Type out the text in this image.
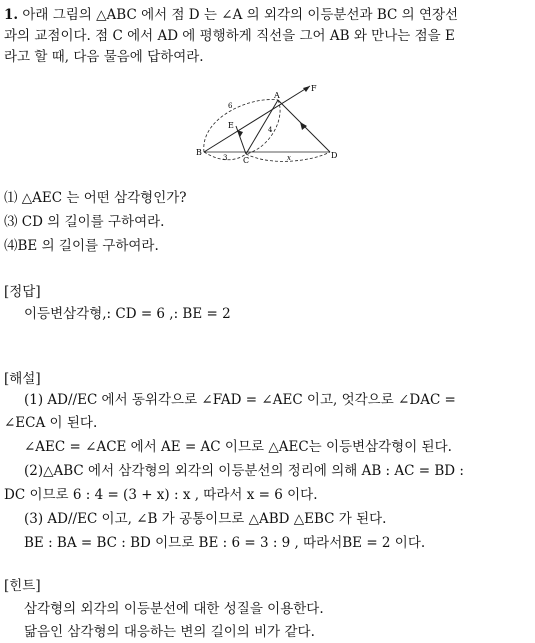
1. 아래 그림의 △ABC 에서 점 D 는 ∠A 의 외각의 이등분선과 BC 의 연장선
과의 교점이다. 점 C 에서 AD 에 평행하게 직선을 그어 AB 와 만나는 점을 E
라고 할 때, 다음 물음에 답하여라.
A
B
C
D
E
F
6
4
3	x
⑴ △AEC 는 어떤 삼각형인가?
⑶ CD 의 길이를 구하여라.
⑷BE 의 길이를 구하여라.
[정답]
이등변삼각형,: CD = 6 ,: BE = 2
[해설]
(1) AD//EC 에서 동위각으로 ∠FAD = ∠AEC 이고, 엇각으로 ∠DAC =
∠ECA 이 된다.
∠AEC = ∠ACE 에서 AE = AC 이므로 △AEC는 이등변삼각형이 된다.
(2)△ABC 에서 삼각형의 외각의 이등분선의 정리에 의해 AB : AC = BD :
DC 이므로 6 : 4 = (3 + x) : x , 따라서 x = 6 이다.
(3) AD//EC 이고, ∠B 가 공통이므로 △ABD △EBC 가 된다.
BE : BA = BC : BD 이므로 BE : 6 = 3 : 9 , 따라서BE = 2 이다.
[힌트]
삼각형의 외각의 이등분선에 대한 성질을 이용한다.
닮음인 삼각형의 대응하는 변의 길이의 비가 같다.
